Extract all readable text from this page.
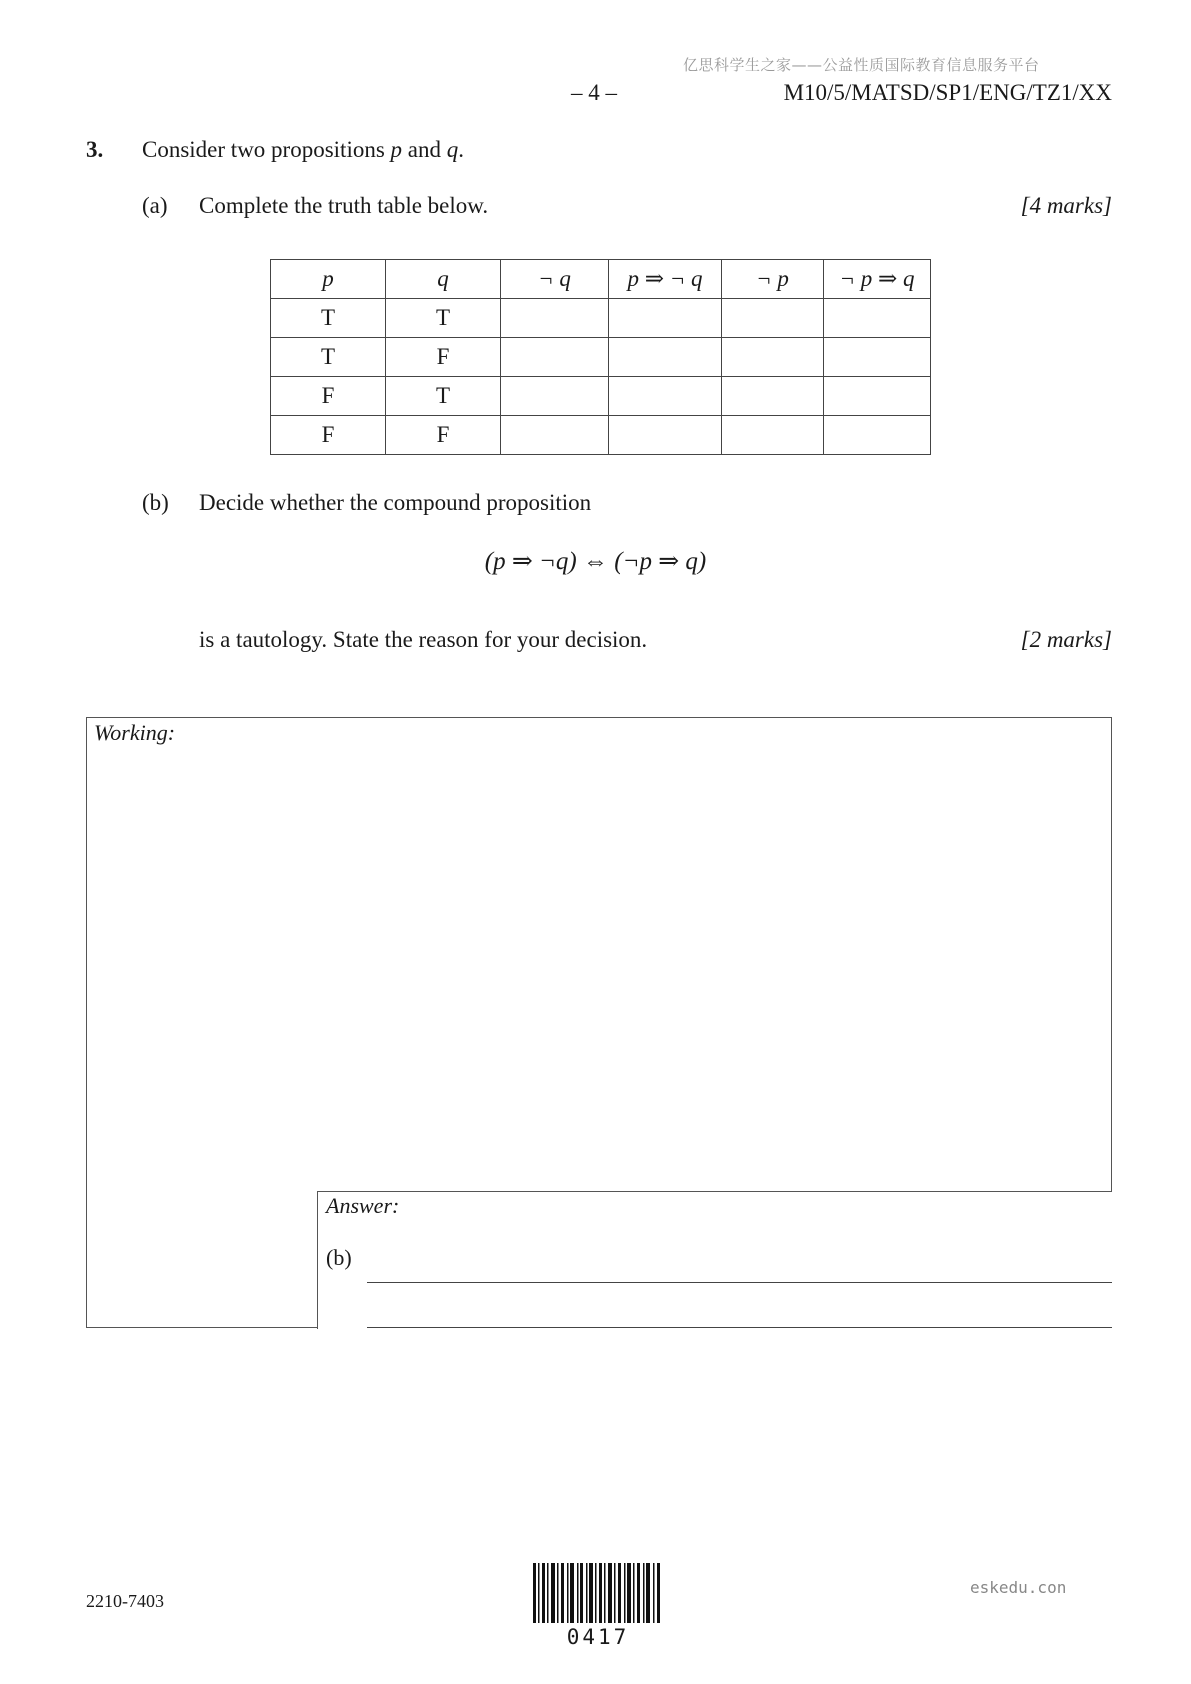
亿思科学生之家——公益性质国际教育信息服务平台
– 4 –	M10/5/MATSD/SP1/ENG/TZ1/XX
3. Consider two propositions p and q.
(a) Complete the truth table below.	[4 marks]
p	q	¬ q	p ⇒ ¬ q	¬ p	¬ p ⇒ q
T	T				
T	F				
F	T				
F	F				
(b) Decide whether the compound proposition
(p ⇒ ¬q) ⇔ (¬p ⇒ q)
is a tautology. State the reason for your decision.	[2 marks]
Working:
Answer:
(b)
2210-7403
eskedu.con
0417
